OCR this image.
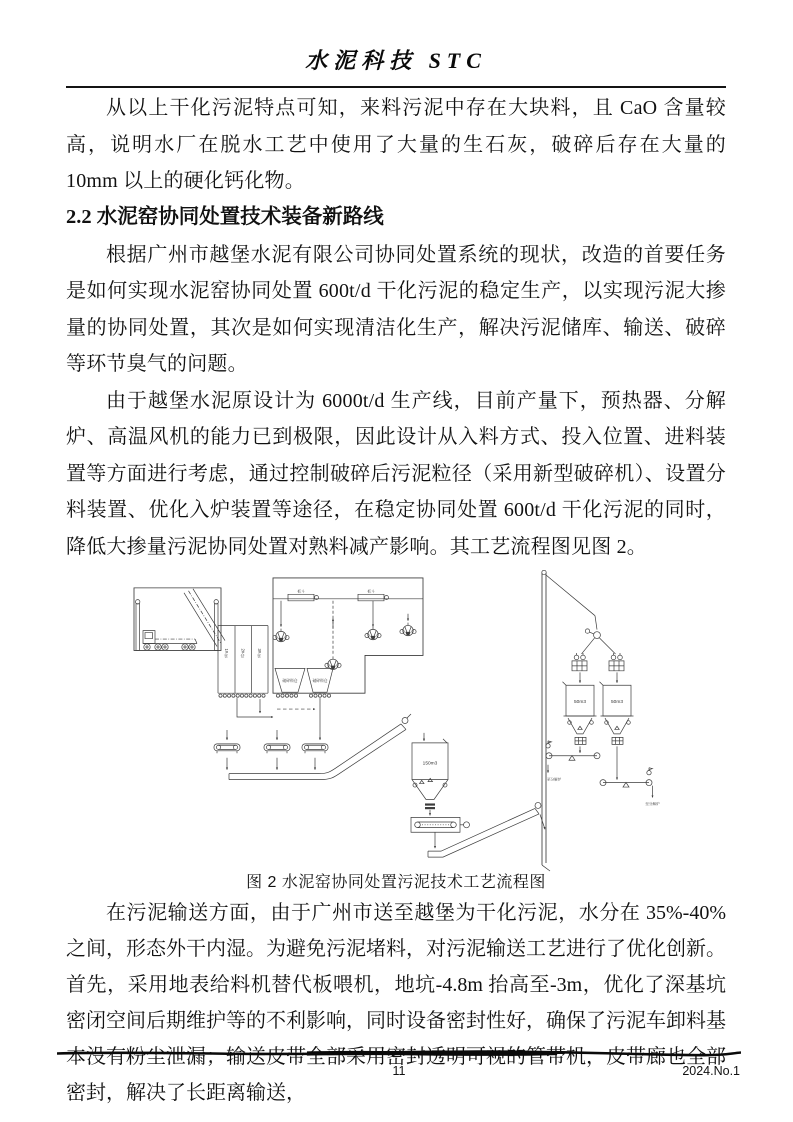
水泥科技 STC

从以上干化污泥特点可知，来料污泥中存在大块料，且 CaO 含量较高，说明水厂在脱水工艺中使用了大量的生石灰，破碎后存在大量的 10mm 以上的硬化钙化物。

2.2 水泥窑协同处置技术装备新路线

根据广州市越堡水泥有限公司协同处置系统的现状，改造的首要任务是如何实现水泥窑协同处置 600t/d 干化污泥的稳定生产，以实现污泥大掺量的协同处置，其次是如何实现清洁化生产，解决污泥储库、输送、破碎等环节臭气的问题。

由于越堡水泥原设计为 6000t/d 生产线，目前产量下，预热器、分解炉、高温风机的能力已到极限，因此设计从入料方式、投入位置、进料装置等方面进行考虑，通过控制破碎后污泥粒径（采用新型破碎机）、设置分料装置、优化入炉装置等途径，在稳定协同处置 600t/d 干化污泥的同时，降低大掺量污泥协同处置对熟料减产影响。其工艺流程图见图 2。

1#仓	2#仓	3#仓
抓斗	抓斗
破碎料仓	破碎料仓
150m3
至分解炉
50m3	50m3
至分解炉
图 2 水泥窑协同处置污泥技术工艺流程图

在污泥输送方面，由于广州市送至越堡为干化污泥，水分在 35%-40%之间，形态外干内湿。为避免污泥堵料，对污泥输送工艺进行了优化创新。首先，采用地表给料机替代板喂机，地坑-4.8m 抬高至-3m，优化了深基坑密闭空间后期维护等的不利影响，同时设备密封性好，确保了污泥车卸料基本没有粉尘泄漏；输送皮带全部采用密封透明可视的管带机，皮带廊也全部密封，解决了长距离输送，

11	2024.No.1
